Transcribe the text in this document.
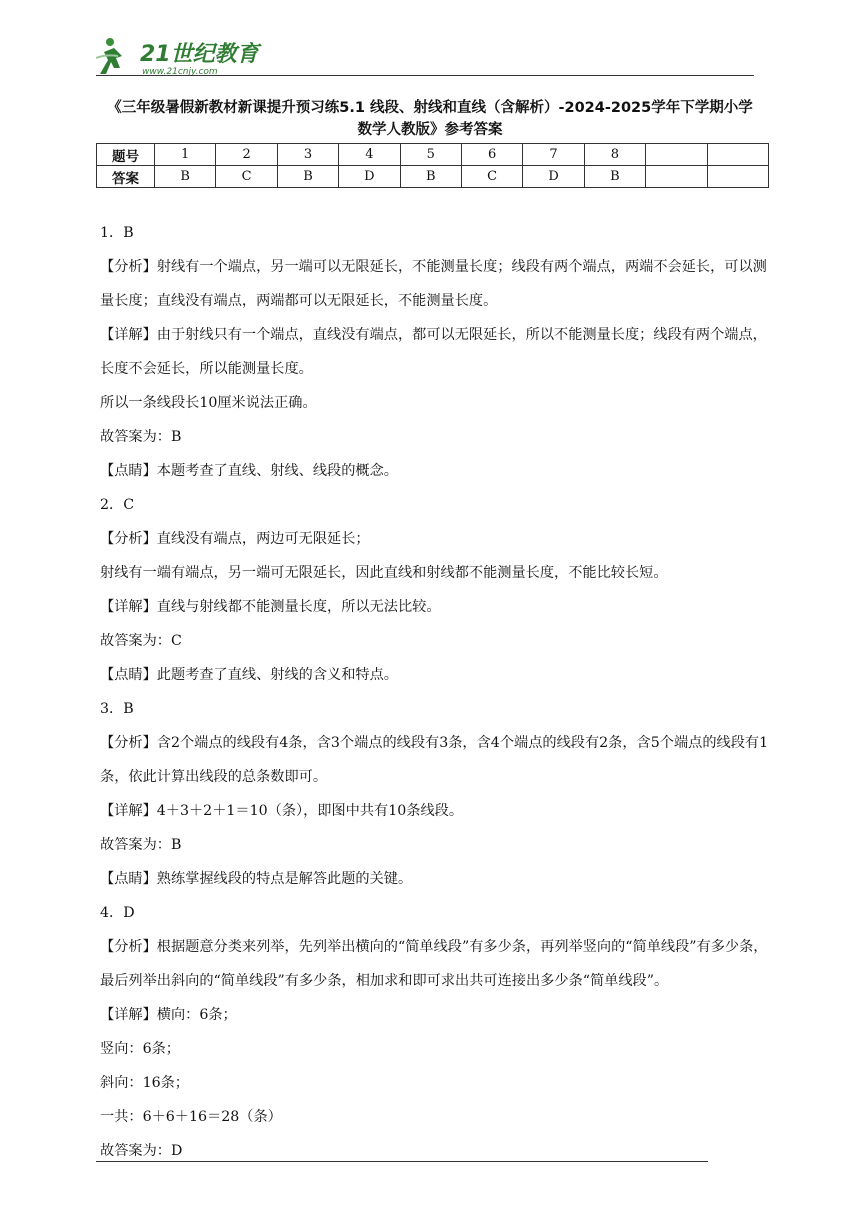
21世纪教育
www.21cnjy.com
《三年级暑假新教材新课提升预习练5.1 线段、射线和直线（含解析）-2024-2025学年下学期小学
数学人教版》参考答案
题号	1	2	3	4	5	6	7	8		
答案	B	C	B	D	B	C	D	B		

1．B

【分析】射线有一个端点，另一端可以无限延长，不能测量长度；线段有两个端点，两端不会延长，可以测量长度；直线没有端点，两端都可以无限延长，不能测量长度。

【详解】由于射线只有一个端点，直线没有端点，都可以无限延长，所以不能测量长度；线段有两个端点，长度不会延长，所以能测量长度。

所以一条线段长10厘米说法正确。

故答案为：B

【点睛】本题考查了直线、射线、线段的概念。

2．C

【分析】直线没有端点，两边可无限延长；

射线有一端有端点，另一端可无限延长，因此直线和射线都不能测量长度，不能比较长短。

【详解】直线与射线都不能测量长度，所以无法比较。

故答案为：C

【点睛】此题考查了直线、射线的含义和特点。

3．B

【分析】含2个端点的线段有4条，含3个端点的线段有3条，含4个端点的线段有2条，含5个端点的线段有1条，依此计算出线段的总条数即可。

【详解】4＋3＋2＋1＝10（条），即图中共有10条线段。

故答案为：B

【点睛】熟练掌握线段的特点是解答此题的关键。

4．D

【分析】根据题意分类来列举，先列举出横向的“简单线段”有多少条，再列举竖向的“简单线段”有多少条，最后列举出斜向的“简单线段”有多少条，相加求和即可求出共可连接出多少条“简单线段”。

【详解】横向：6条；

竖向：6条；

斜向：16条；

一共：6＋6＋16＝28（条）

故答案为：D
